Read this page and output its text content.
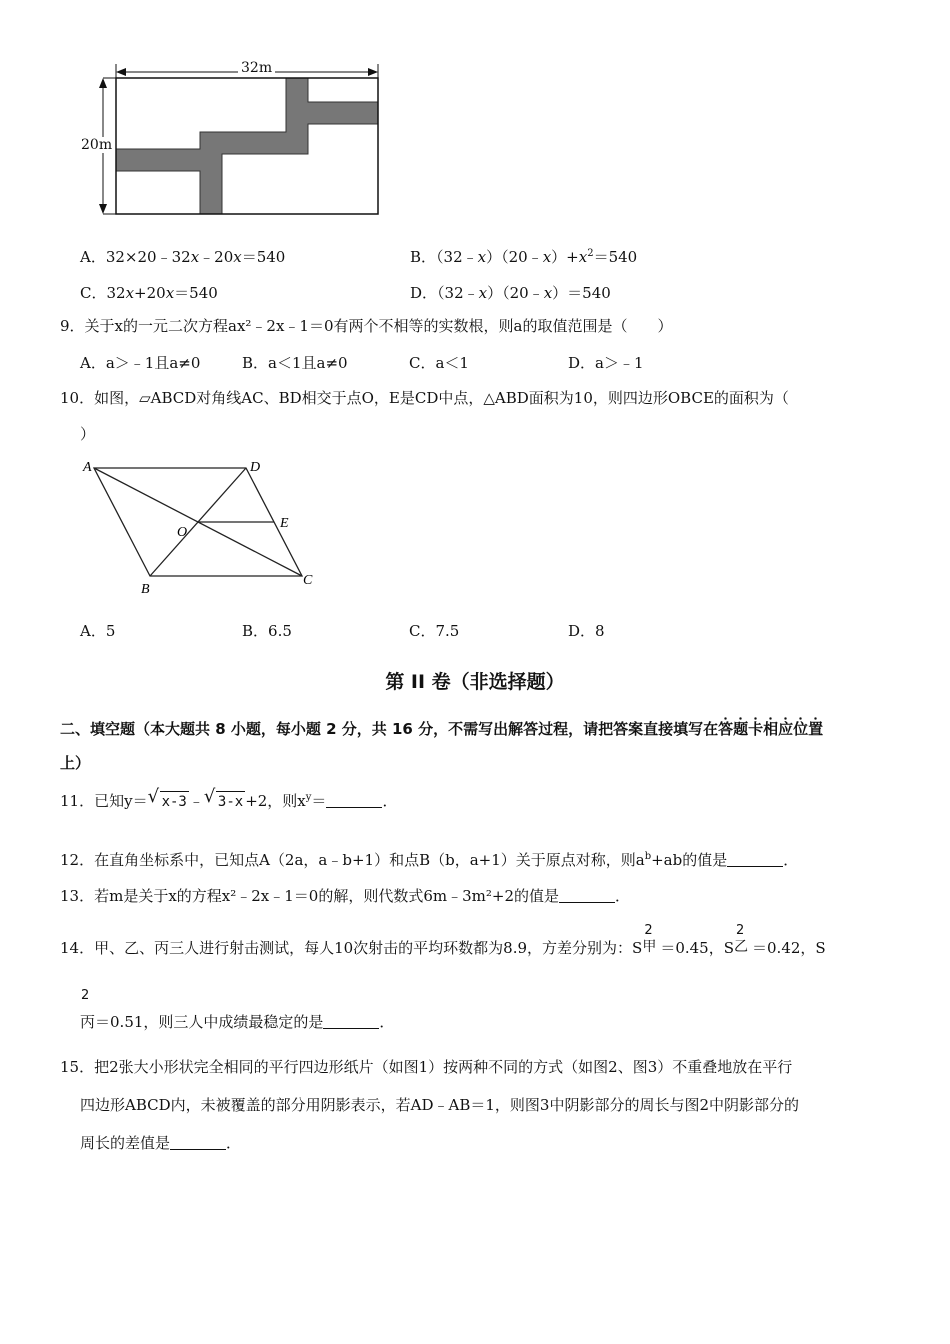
32m
20m
A．32×20﹣32x﹣20x＝540	B．$(32﹣x)(20﹣x)+x^2=540$
C．32x+20x＝540	D．（32﹣x）（20﹣x）＝540
9．关于x的一元二次方程ax²﹣2x﹣1＝0有两个不相等的实数根，则a的取值范围是（　　）
A．a＞﹣1且a≠0	B．a＜1且a≠0	C．a＜1	D．a＞﹣1
10．如图，▱ABCD对角线AC、BD相交于点O，E是CD中点，△ABD面积为10，则四边形OBCE的面积为（
）
A	D
O
E
B
C
A．5	B．6.5	C．7.5	D．8
第 II 卷（非选择题）
二、填空题（本大题共 8 小题，每小题 2 分，共 16 分，不需写出解答过程，请把答案直接填写在答题卡相应位置
上）
11．已知y＝ √ x-3 ﹣ √ 3-x +2，则$x^y=$	．
12．在直角坐标系中，已知点A（2a，a﹣b+1）和点B（b，a+1）关于原点对称，则$a^b+ab$的值是	．
13．若m是关于x的方程x²﹣2x﹣1＝0的解，则代数式6m﹣3m²+2的值是	．
14．甲、乙、丙三人进行射击测试，每人10次射击的平均环数都为8.9，方差分别为：S
2
甲 ＝0.45，S
2
乙 ＝0.42，S
2
丙＝0.51，则三人中成绩最稳定的是	．
15．把2张大小形状完全相同的平行四边形纸片（如图1）按两种不同的方式（如图2、图3）不重叠地放在平行
四边形ABCD内，未被覆盖的部分用阴影表示，若AD﹣AB＝1，则图3中阴影部分的周长与图2中阴影部分的
周长的差值是	．
